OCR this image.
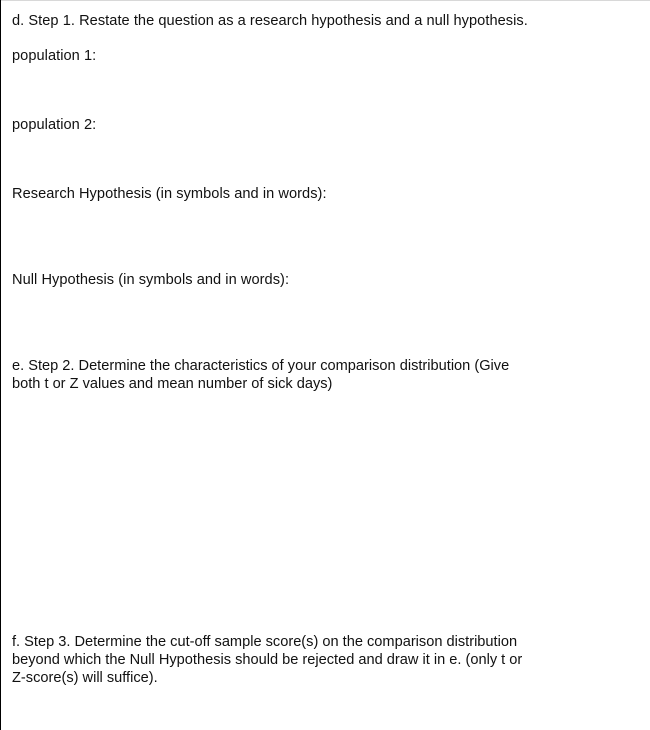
d. Step 1. Restate the question as a research hypothesis and a null hypothesis.

population 1:

population 2:

Research Hypothesis (in symbols and in words):

Null Hypothesis (in symbols and in words):

e. Step 2. Determine the characteristics of your comparison distribution (Give
both t or Z values and mean number of sick days)
f. Step 3. Determine the cut-off sample score(s) on the comparison distribution
beyond which the Null Hypothesis should be rejected and draw it in e. (only t or
Z-score(s) will suffice).
